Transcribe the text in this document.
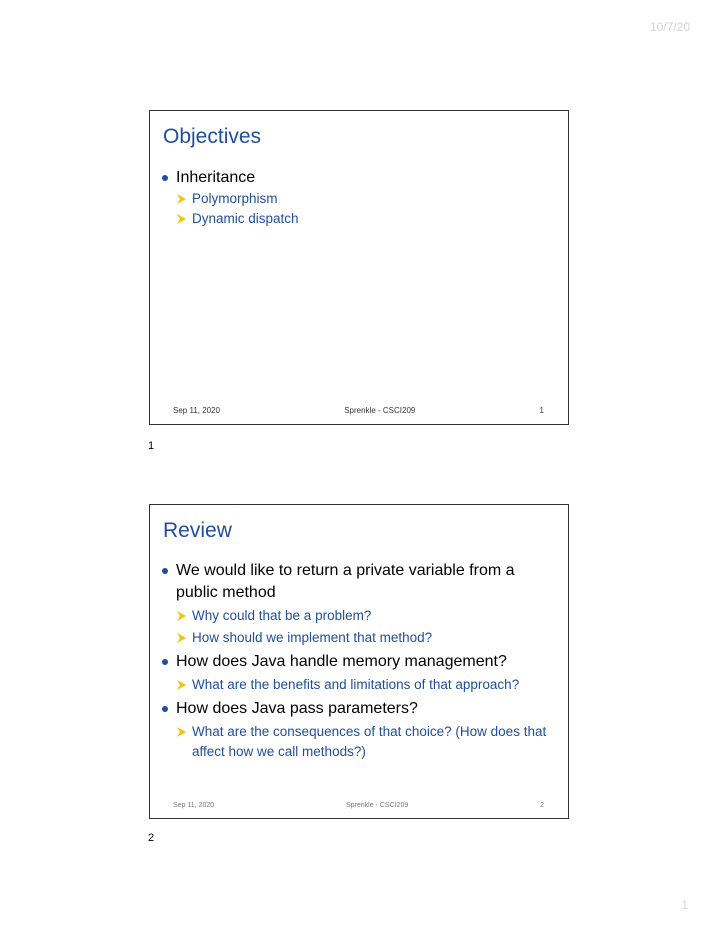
10/7/20
Objectives
Inheritance
Polymorphism
Dynamic dispatch
Sep 11, 2020	Sprenkle - CSCI209	1
1
Review
We would like to return a private variable from a public method
Why could that be a problem?
How should we implement that method?
How does Java handle memory management?
What are the benefits and limitations of that approach?
How does Java pass parameters?
What are the consequences of that choice? (How does that affect how we call methods?)
Sep 11, 2020	Sprenkle - CSCI209	2
2
1
